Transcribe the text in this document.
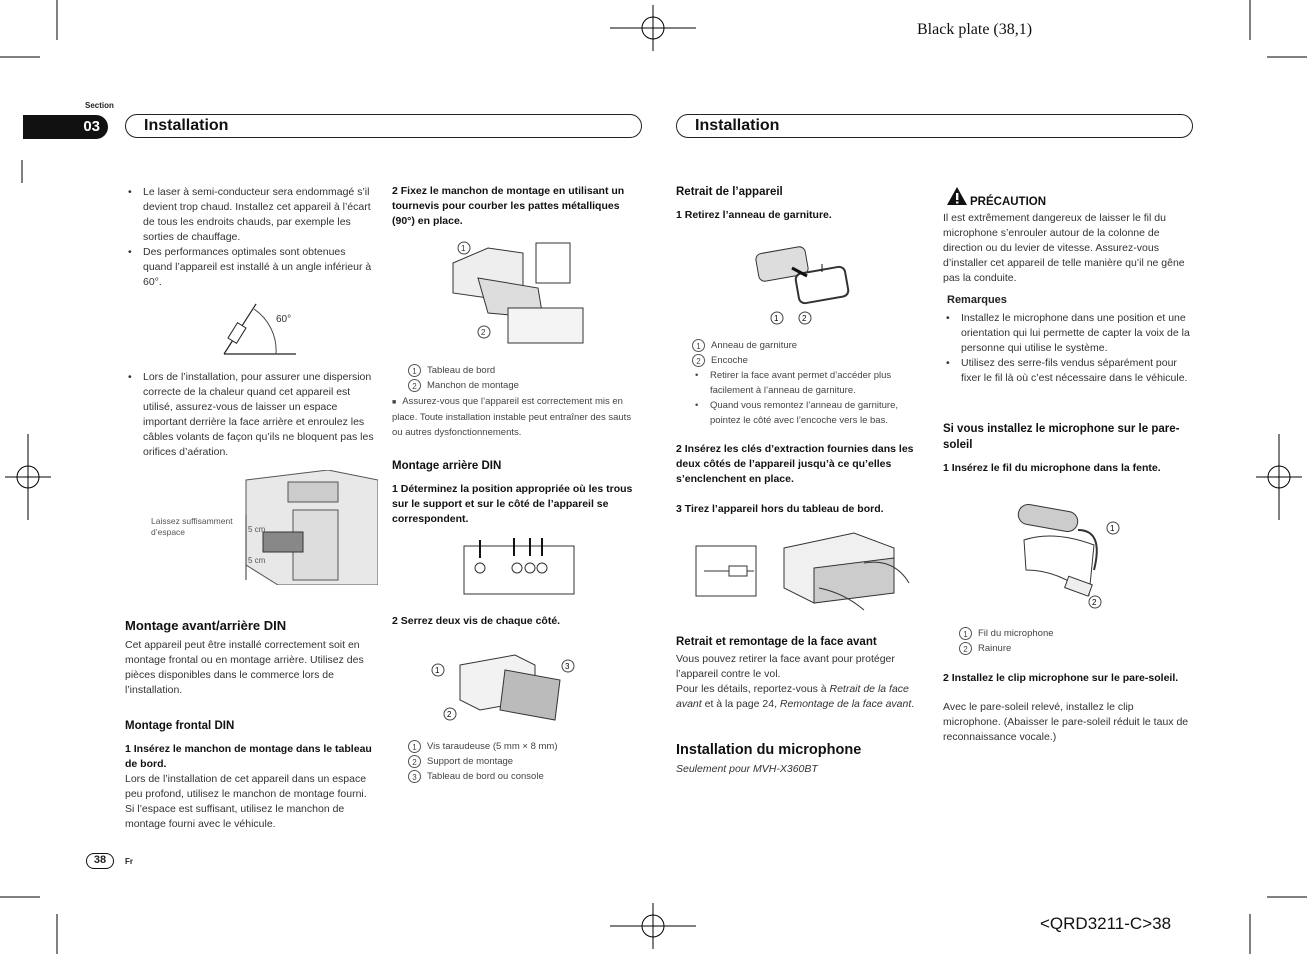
Black plate (38,1)
Section
03	Installation	Installation
• Le laser à semi-conducteur sera endommagé s’il devient trop chaud. Installez cet appareil à l’écart de tous les endroits chauds, par exemple les sorties de chauffage.
• Des performances optimales sont obtenues quand l’appareil est installé à un angle inférieur à 60°.
60°
• Lors de l’installation, pour assurer une dispersion correcte de la chaleur quand cet appareil est utilisé, assurez-vous de laisser un espace important derrière la face arrière et enroulez les câbles volants de façon qu’ils ne bloquent pas les orifices d’aération.
Laissez suffisamment
d’espace	5 cm
5 cm
Montage avant/arrière DIN
Cet appareil peut être installé correctement soit en montage frontal ou en montage arrière. Utilisez des pièces disponibles dans le commerce lors de l’installation.
Montage frontal DIN
1 Insérez le manchon de montage dans le tableau de bord.
Lors de l’installation de cet appareil dans un espace peu profond, utilisez le manchon de montage fourni. Si l’espace est suffisant, utilisez le manchon de montage fourni avec le véhicule.
2 Fixez le manchon de montage en utilisant un tournevis pour courber les pattes métalliques (90°) en place.
1
2
1 Tableau de bord
2 Manchon de montage
■ Assurez-vous que l’appareil est correctement mis en place. Toute installation instable peut entraîner des sauts ou autres dysfonctionnements.
Montage arrière DIN
1 Déterminez la position appropriée où les trous sur le support et sur le côté de l’appareil se correspondent.
2 Serrez deux vis de chaque côté.
1
2
3
1 Vis taraudeuse (5 mm × 8 mm)
2 Support de montage
3 Tableau de bord ou console
Retrait de l’appareil
1 Retirez l’anneau de garniture.
1	2
1 Anneau de garniture
2 Encoche
• Retirer la face avant permet d’accéder plus facilement à l’anneau de garniture.
• Quand vous remontez l’anneau de garniture, pointez le côté avec l’encoche vers le bas.
2 Insérez les clés d’extraction fournies dans les deux côtés de l’appareil jusqu’à ce qu’elles s’enclenchent en place.
3 Tirez l’appareil hors du tableau de bord.
Retrait et remontage de la face avant
Vous pouvez retirer la face avant pour protéger l’appareil contre le vol.
Pour les détails, reportez-vous à Retrait de la face avant et à la page 24, Remontage de la face avant.
Installation du microphone
Seulement pour MVH-X360BT
PRÉCAUTION
Il est extrêmement dangereux de laisser le fil du microphone s’enrouler autour de la colonne de direction ou du levier de vitesse. Assurez-vous d’installer cet appareil de telle manière qu’il ne gêne pas la conduite.
Remarques
• Installez le microphone dans une position et une orientation qui lui permette de capter la voix de la personne qui utilise le système.
• Utilisez des serre-fils vendus séparément pour fixer le fil là où c’est nécessaire dans le véhicule.
Si vous installez le microphone sur le pare-soleil
1 Insérez le fil du microphone dans la fente.
1
2
1 Fil du microphone
2 Rainure
2 Installez le clip microphone sur le pare-soleil.
Avec le pare-soleil relevé, installez le clip microphone. (Abaisser le pare-soleil réduit le taux de reconnaissance vocale.)
38	Fr
<QRD3211-C>38
